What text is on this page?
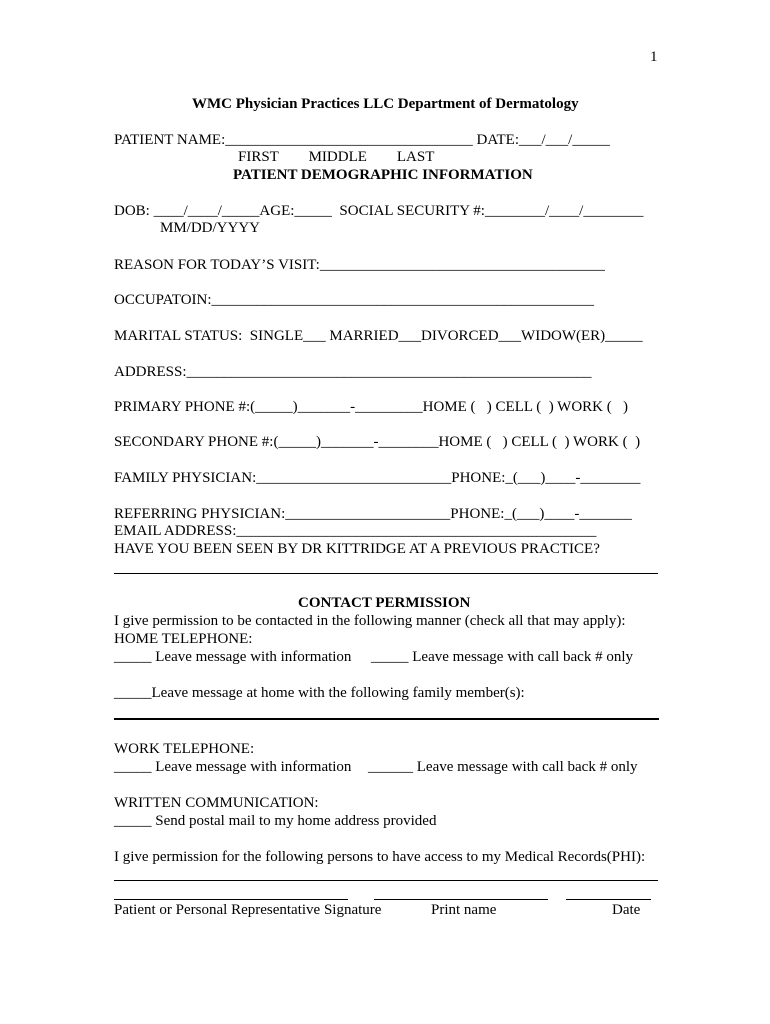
1
WMC Physician Practices LLC Department of Dermatology
PATIENT NAME:_________________________________ DATE:___/___/_____
FIRST        MIDDLE        LAST
PATIENT DEMOGRAPHIC INFORMATION
DOB: ____/____/_____AGE:_____  SOCIAL SECURITY #:________/____/________
MM/DD/YYYY
REASON FOR TODAY’S VISIT:______________________________________
OCCUPATOIN:___________________________________________________
MARITAL STATUS:  SINGLE___ MARRIED___DIVORCED___WIDOW(ER)_____
ADDRESS:______________________________________________________
PRIMARY PHONE #:(_____)_______-_________HOME (   ) CELL (  ) WORK (   )
SECONDARY PHONE #:(_____)_______-________HOME (   ) CELL (  ) WORK (  )
FAMILY PHYSICIAN:__________________________PHONE:_(___)____-________
REFERRING PHYSICIAN:______________________PHONE:_(___)____-_______
EMAIL ADDRESS:________________________________________________
HAVE YOU BEEN SEEN BY DR KITTRIDGE AT A PREVIOUS PRACTICE?
CONTACT PERMISSION
I give permission to be contacted in the following manner (check all that may apply):
HOME TELEPHONE:
_____ Leave message with information _____ Leave message with call back # only
_____Leave message at home with the following family member(s):
WORK TELEPHONE:
_____ Leave message with information ______ Leave message with call back # only
WRITTEN COMMUNICATION:
_____ Send postal mail to my home address provided
I give permission for the following persons to have access to my Medical Records(PHI):
Patient or Personal Representative Signature	Print name	Date
